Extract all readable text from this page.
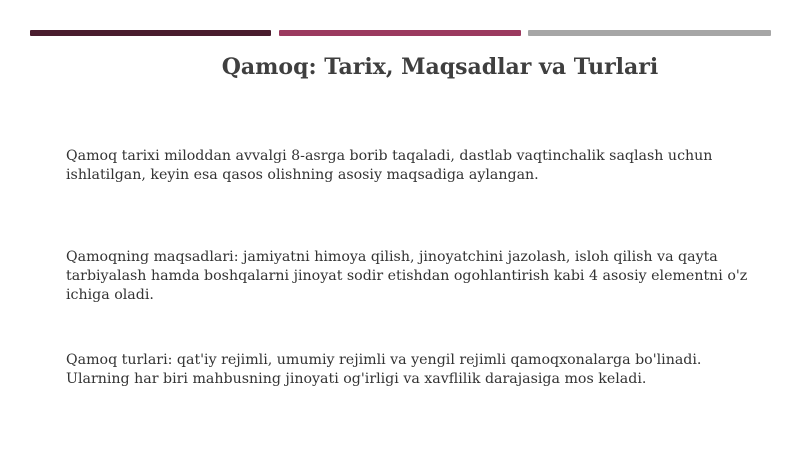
Qamoq: Tarix, Maqsadlar va Turlari
Qamoq tarixi miloddan avvalgi 8-asrga borib taqaladi, dastlab vaqtinchalik saqlash uchun ishlatilgan, keyin esa qasos olishning asosiy maqsadiga aylangan.
Qamoqning maqsadlari: jamiyatni himoya qilish, jinoyatchini jazolash, isloh qilish va qayta tarbiyalash hamda boshqalarni jinoyat sodir etishdan ogohlantirish kabi 4 asosiy elementni o'z ichiga oladi.
Qamoq turlari: qat'iy rejimli, umumiy rejimli va yengil rejimli qamoqxonalarga bo'linadi. Ularning har biri mahbusning jinoyati og'irligi va xavflilik darajasiga mos keladi.
